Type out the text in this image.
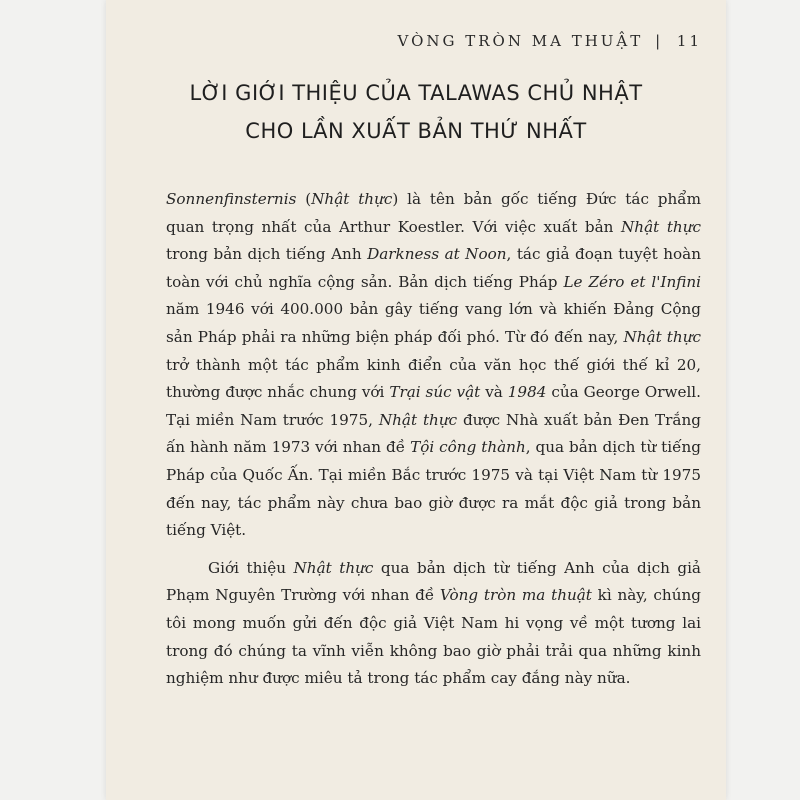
VÒNG TRÒN MA THUẬT | 11
LỜI GIỚI THIỆU CỦA TALAWAS CHỦ NHẬT
CHO LẦN XUẤT BẢN THỨ NHẤT

Sonnenfinsternis (Nhật thực) là tên bản gốc tiếng Đức tác phẩm quan trọng nhất của Arthur Koestler. Với việc xuất bản Nhật thực trong bản dịch tiếng Anh Darkness at Noon, tác giả đoạn tuyệt hoàn toàn với chủ nghĩa cộng sản. Bản dịch tiếng Pháp Le Zéro et l'Infini năm 1946 với 400.000 bản gây tiếng vang lớn và khiến Đảng Cộng sản Pháp phải ra những biện pháp đối phó. Từ đó đến nay, Nhật thực trở thành một tác phẩm kinh điển của văn học thế giới thế kỉ 20, thường được nhắc chung với Trại súc vật và 1984 của George Orwell. Tại miền Nam trước 1975, Nhật thực được Nhà xuất bản Đen Trắng ấn hành năm 1973 với nhan đề Tội công thành, qua bản dịch từ tiếng Pháp của Quốc Ấn. Tại miền Bắc trước 1975 và tại Việt Nam từ 1975 đến nay, tác phẩm này chưa bao giờ được ra mắt độc giả trong bản tiếng Việt.

Giới thiệu Nhật thực qua bản dịch từ tiếng Anh của dịch giả Phạm Nguyên Trường với nhan đề Vòng tròn ma thuật kì này, chúng tôi mong muốn gửi đến độc giả Việt Nam hi vọng về một tương lai trong đó chúng ta vĩnh viễn không bao giờ phải trải qua những kinh nghiệm như được miêu tả trong tác phẩm cay đắng này nữa.
